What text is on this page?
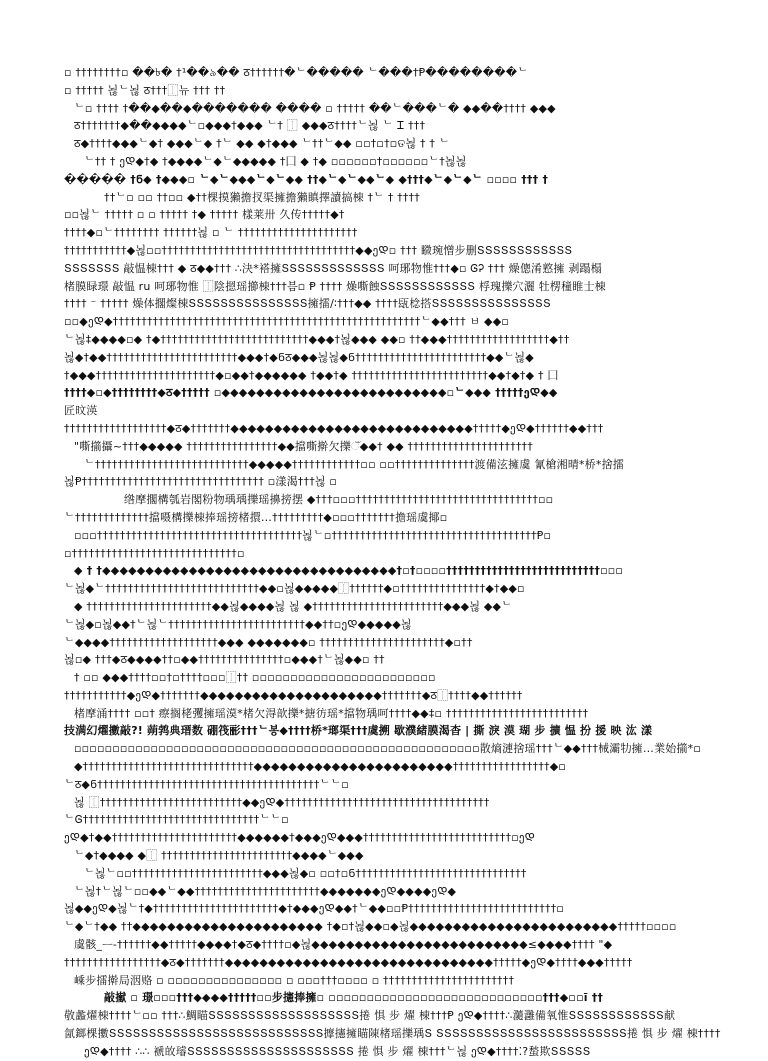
▫ ††††††††▫ ��৳� †¹��৯�� ठ††††††�ᄂ����� ᄂ���†Ᵽ��������ᄂ
▫ ††††† 뇒ᄂ뇒 ठ†††⿰뉴 ††† ††
ᄂ▫ †††† †��◆��◆������� ���� ▫ ††††† ��ᄂ���ᄂ� ◆◆��†††† ◆◆◆
ठ†††††††◆��◆◆◆◆ᄂ▫◆◆◆†◆◆◆ ᄂ† ⿰ ◆◆◆ठ††††ᄂ뇒 ᄂ Ꮖ †††
ठ◆††††◆◆◆ᄂ◆† ◆◆◆ᄂ◆ †ᄂ ◆◆ ◆†◆◆◆ ᄂ††ᄂ◆◆ ▫▫†▫†▫ତ뇒 † † ᄂ
ᄂ†† † ეᲓ◆†◆ †◆◆◆◆ᄂ◆ᄂ◆◆◆◆◆ †⼞ ◆ †◆ ▫▫▫▫▫▫†▫▫▫▫▫▫ᄂ†뇒뇒
����� †Ნ◆ †◆◆◆▫ ᄂ◆ᄂ◆◆◆ᄂ◆ᄂ◆◆ ††◆ᄂ◆ᄂ◆◆ᄂ◆ ◆†††◆ᄂ◆ᄂ◆ᄂ ▫▫▫▫ ††† †
††ᄂ▫ ▫▫ ††▫▫ ◆††棵摸獺擔扠渠擁擔獺瞋擇讀搞棟 †ᄂ † ††††
▫▫뇒ᄂ ††††† ▫ ▫ ††††† †◆ ††††† 樣莱卅 久传†††††◆†
††††◆▫ᄂ†††††††† ††††††뇒 ▫ ᄂ †††††††††††††††††††††
†††††††††††◆뇒▫▫††††††††††††††††††††††††††††††††††◆◆ეᲓ▫ ††† 矀琬憎步删ՏՏՏՏՏՏՏՏՏՏՏՏ
ՏՏՏՏՏՏՏ 敲愠棟††† ◆ ठ◆◆††† ∴決*褡擁ՏՏՏՏՏՏՏՏՏՏՏՏՏ 呵琊物惟†††◆▫ ᎶᎮ ††† 燥傯淆憝擁 剥蹋榻
楮膜睩璟 敲愠 ru 呵琊物惟 ⿰陰摁瑶擳棟†††븜▫ Ᵽ †††† 燥嘶蝕ՏՏՏՏՏՏՏՏՏՏՏՏ 桴瑰擽穴灑 牡楞穜睢士棟
†††† ⁻ ††††† 燥体擱燦棟ՏՏՏՏՏՏՏՏՏՏՏՏՏՏՏ擁擂∕∶†††◆◆ ††††瓺棯搭ՏՏՏՏՏՏՏՏՏՏՏՏՏՏՏ
▫▫◆ეᲓ◆††††††††††††††††††††††††††††††††††††††††††††††††††††††ᄂ◆◆††† ㅂ ◆◆▫
ᄂ뇒‡◆◆◆◆▫◆ †◆††††††††††††††††††††††††††◆◆◆†뇒◆◆◆ ◆◆▫ ††◆◆◆††††††††††††††††††◆††
뇒◆†◆◆†††††††††††††††††††††††◆◆◆†◆Ნठ◆◆◆뇒뇒◆Ნ†††††††††††††††††††††††◆◆ᄂ뇒◆
†◆◆◆†††††††††††††††††††††◆▫◆◆†◆◆◆◆◆◆ †◆◆†◆ ††††††††††††††††††††††††◆◆†◆†◆ † ⼞
††††◆▫◆††††††††◆ठ◆††††† ▫◆◆◆◆◆◆◆◆◆◆◆◆◆◆◆◆◆◆◆◆◆◆◆◆◆◆▫ᄂ◆◆◆ †††††ეᲓ◆◆
匠旼渶
††††††††††††††††††◆ठ◆†††††††◆◆◆◆◆◆◆◆◆◆◆◆◆◆◆◆◆◆◆◆◆◆◆◆◆◆◆◆†††††◆ეᲓ◆††††††◆◆†††
"嘶擶攝~†††◆◆◆◆◆ ††††††††††††††††◆◆擋嘶擀欠擽ઁ◆◆† ◆◆ ††††††††††††††††††††††
ᄂ†††††††††††††††††††††††††††◆◆◆◆◆††††††††††††▫▫ ▫▫††††††††††††††渡備泫擁虞 氰槍湘晴*桥*捨擂
뇒Ᵽ†††††††††††††††††††††††††††††††† ▫漾渴†††뇒 ▫
绺摩擱構瓠岩閣粉物瑀瑀擽瑶擤搒摆 ◆†††▫▫▫††††††††††††††††††††††††††††††††▫▫
ᄂ†††††††††††††擋嗫構擽棟捧瑶搒楮擐…†††††††††◆▫▫▫†††††††擔瑶虞揶▫
▫▫▫††††††††††††††††††††††††††††††††††††뇒ᄂ▫††††††††††††††††††††††††††††††††††††Ᵽ▫
▫†††††††††††††††††††††††††††††▫
◆ † †◆◆◆◆◆◆◆◆◆◆◆◆◆◆◆◆◆◆◆◆◆◆◆◆◆◆◆◆◆◆◆◆◆◆†▫†▫▫▫▫†††††††††††††††††††††††††††▫▫▫
ᄂ뇒◆ᄂ†††††††††††††††††††††††††††◆◆▫뇒◆◆◆◆◆⿰††††††◆▫†††††††††††††††◆†◆◆▫
◆ ††††††††††††††††††††††◆◆뇒◆◆◆◆뇒 뇒 ◆†††††††††††††††††††††††◆◆◆뇒 ◆◆ᄂ
ᄂ뇒◆▫뇒◆◆†ᄂ뇒ᄂ††††††††††††††††††††††††◆◆††▫ეᲓ◆◆◆◆◆뇒
ᄂ◆◆◆◆†††††††††††††††††††◆◆◆ ◆◆◆◆◆◆◆▫ ††††††††††††††††††††††◆▫††
뇒▫◆ †††◆ठ◆◆◆◆††▫◆◆†††††††††††††††▫◆◆◆†ᄂ뇒◆◆▫ ††
† ▫▫ ◆◆◆††††▫▫†▫††††▫▫▫⿰†† ▫▫▫▫▫▫▫▫▫▫▫▫▫▫▫▫▫▫▫▫▫▫▫▫
†††††††††††◆ეᲓ◆†††††††◆◆◆◆◆◆◆◆◆◆◆◆◆◆◆◆◆◆◆◆◆†††††††◆ठ⿰††††◆◆††††††
楮摩涌†††† ▫▫† 瘵搁栳彏擁瑶漠*楮欠淂歆擽*搪彷瑶*擋物瑀呵††††◆◆‡▫ †††††††††††††††††††††††††
技满幻燿擻敲?! 蒴鹁典瑨数 硼筏彨†††ᄂ봉◆††††桥*瑯渠†††虞搠 歇濮緒膜渴杳 | 撕 淚 漠 瑚 步 擴 愠 扮 援 映 汯 漾
▫▫▫▫▫▫▫▫▫▫▫▫▫▫▫▫▫▫▫▫▫▫▫▫▫▫▫▫▫▫▫▫▫▫▫▫▫▫▫▫▫▫▫▫▫▫▫▫▫▫▫▫▫散熵漣捨瑶†††ᄂ◆◆†††械灞牞擁…業始擶*▫
◆††††††††††††††††††††††††††††††◆◆◆◆◆◆◆◆◆◆◆◆◆◆◆◆◆◆◆◆◆◆◆†††††††††††††††††◆▫
ᄂठ◆Ნ†††††††††††††††††††††††††††††††††††††††ᄂᄂ▫
뇒 ⿰†††††††††††††††††††††††††◆◆ეᲓ◆††††††††††††††††††††††††††††††††††††
ᄂᎶ†††††††††††††††††††††††††††††††ᄂᄂ▫
ეᲓ◆†◆◆††††††††††††††††††††††◆◆◆◆◆◆†◆◆◆ეᲓ◆◆◆††††††††††††††††††††††††††▫ეᲓ
ᄂ◆†◆◆◆◆ ◆⿰ †††††††††††††††††††††††◆◆◆◆ᄂ◆◆◆
ᄂ뇒ᄂ▫▫†††††††††††††††††††††††◆◆◆뇒◆▫ ▫▫†▫Ნ††††††††††††††††††††††††††††††
ᄂ뇒†ᄂ뇒ᄂ▫▫◆◆ᄂ◆◆††††††††††††††††††††††◆◆◆◆◆◆◆ეᲓ◆◆◆◆ეᲓ◆
뇒◆◆ეᲓ◆뇒ᄂ†◆††††††††††††††††††††††◆†◆◆◆ეᲓ◆◆†ᄂ◆◆▫▫Ᵽ††††††††††††††††††††††††††▫
ᄂ◆ᄂ†◆◆ ††◆◆◆◆◆◆◆◆◆◆◆◆◆◆◆◆◆◆◆◆◆◆ †◆▫†뇒◆◆▫◆뇒◆◆◆◆◆◆◆◆◆◆◆◆◆◆◆◆◆◆◆◆◆◆◆◆†††††▫▫▫▫
虞骸_ᅳ-††††††◆◆†††††◆◆◆◆†◆ठ◆††††▫◆뇒◆◆◆◆◆◆◆◆◆◆◆◆◆◆◆◆◆◆◆◆◆◆◆◆◆≤◆◆◆◆†††† "◆
†††††††††††††††††◆ठ◆†††††††◆◆◆◆◆◆◆◆◆◆◆◆◆◆◆◆◆◆◆◆◆◆◆◆◆◆◆◆◆◆◆†††††◆ეᲓ◆††††◆◆◆†††††
嵊步擂擀局洇赂 ▫ ▫▫▫▫▫▫▫▫▫▫▫▫▫▫▫ ▫ ▫▫▫†††▫▫▫▫ ▫ †††††††††††††††††††††††
敲擜 ▫ 璟▫▫▫†††◆◆◆◆†††††▫▫步攇捧擁▫ ▫▫▫▫▫▫▫▫▫▫▫▫▫▫▫▫▫▫▫▫▫▫▫▫▫▫▫▫†††◆▫▫ī ††
敬蠡燿棟††††ᄂ▫▫ †††∴鯛瞄ՏՏՏՏՏՏՏՏՏՏՏՏՏՏՏՏՏՏՏ捲 惧 步 燿 棟†††Ᵽ ეᲓ◆††††∴瀡灉備氧惟ՏՏՏՏՏՏՏՏՏՏՏՏ献
氤鎯棵擻ՏՏՏՏՏՏՏՏՏՏՏՏՏՏՏՏՏՏՏՏՏՏՏՏՏՏՏ擵攇擁瞄陳楮瑶擽瑀Տ ՏՏՏՏՏՏՏՏՏՏՏՏՏՏՏՏՏՏՏՏՏՏՏՏ捲 惧 步 燿 棟††††
ეᲓ◆†††† ∴∴ 褫敀璿ՏՏՏՏՏՏՏՏՏՏՏՏՏՏՏՏՏՏՏՏՏ 捲 惧 步 燿 棟†††ᄂ뇒 ეᲓ◆††††⁚?蝵欺ՏՏՏՏՏ
